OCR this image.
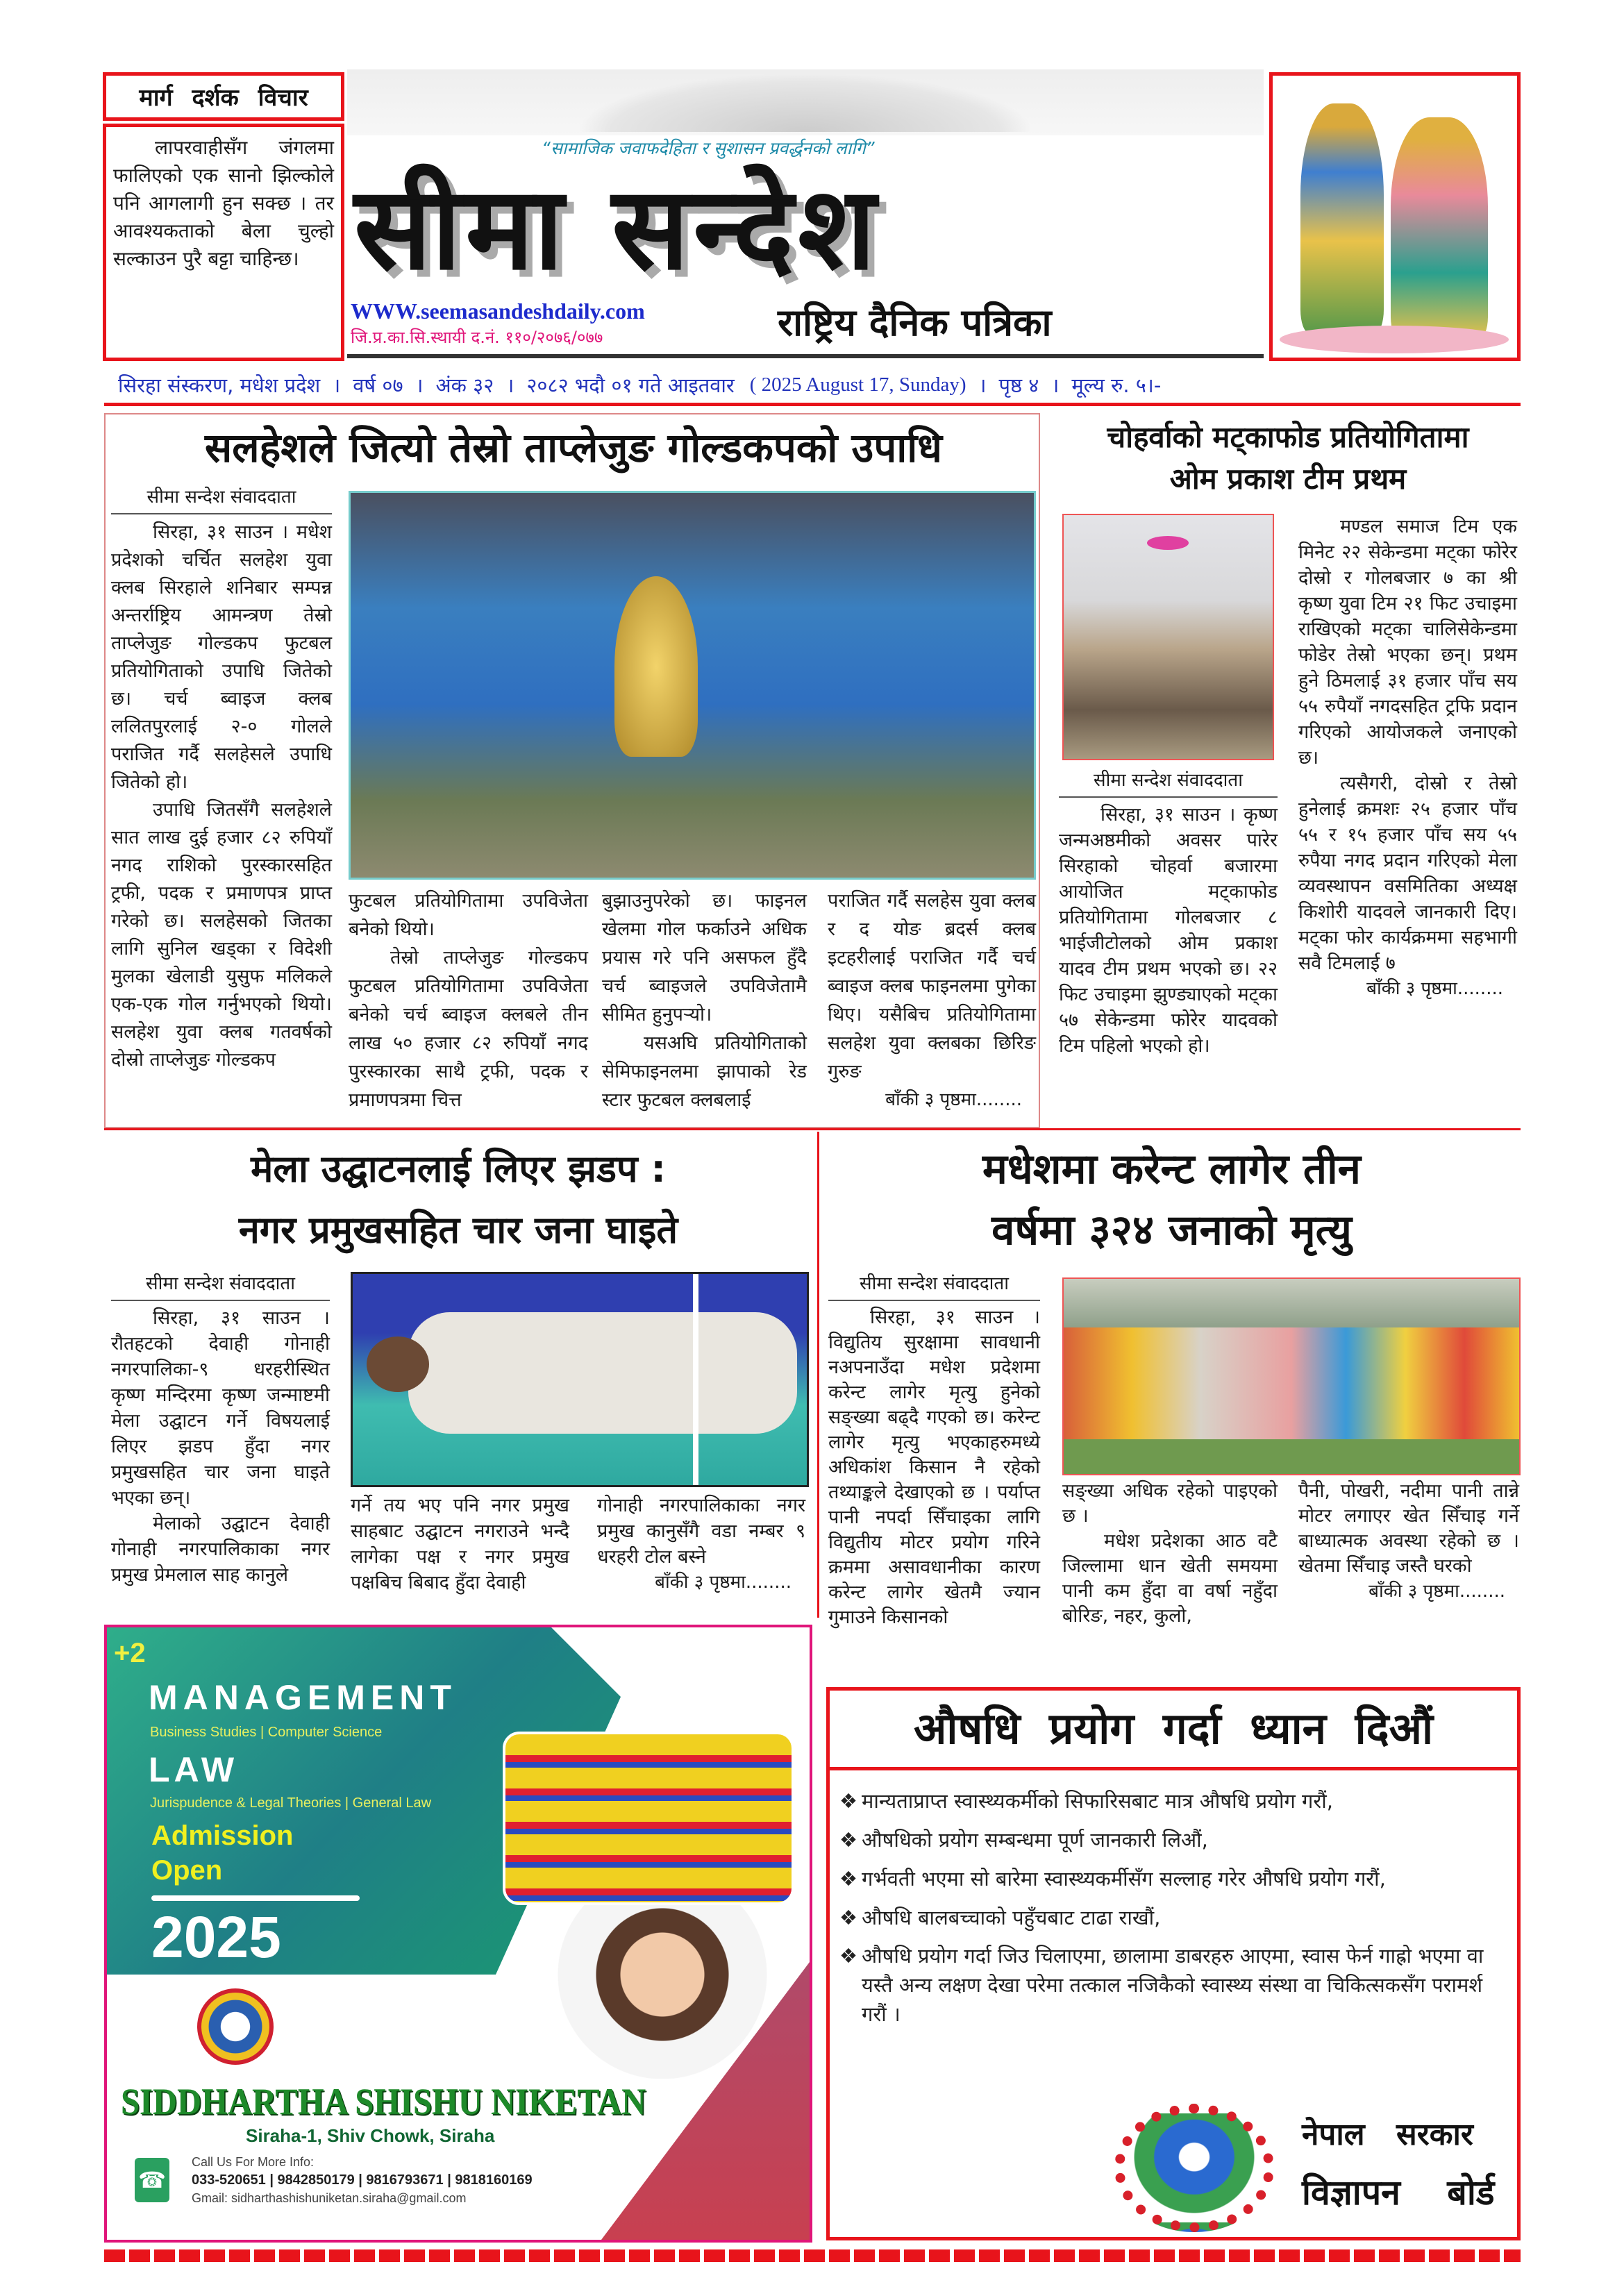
मार्ग दर्शक विचार

लापरवाहीसँग जंगलमा फालिएको एक सानो झिल्कोले पनि आगलागी हुन सक्छ । तर आवश्यकताको बेला चुल्हो सल्काउन पुरै बट्टा चाहिन्छ।

“सामाजिक जवाफदेहिता र सुशासन प्रवर्द्धनको लागि”
सीमा सन्देश
WWW.seemasandeshdaily.com
जि.प्र.का.सि.स्थायी द.नं. ११०/२०७६/०७७	राष्ट्रिय दैनिक पत्रिका
सिरहा संस्करण, मधेश प्रदेश । वर्ष ०७ । अंक ३२ । २०८२ भदौ ०१ गते आइतवार ( 2025 August 17, Sunday) । पृष्ठ ४ । मूल्य रु. ५।-
सलहेशले जित्यो तेस्रो ताप्लेजुङ गोल्डकपको उपाधि
सीमा सन्देश संवाददाता

सिरहा, ३१ साउन । मधेश प्रदेशको चर्चित सलहेश युवा क्लब सिरहाले शनिबार सम्पन्न अन्तर्राष्ट्रिय आमन्त्रण तेस्रो ताप्लेजुङ गोल्डकप फुटबल प्रतियोगिताको उपाधि जितेको छ। चर्च ब्वाइज क्लब ललितपुरलाई २-० गोलले पराजित गर्दै सलहेसले उपाधि जितेको हो।

उपाधि जितसँगै सलहेशले सात लाख दुई हजार ८२ रुपियाँ नगद राशिको पुरस्कारसहित ट्रफी, पदक र प्रमाणपत्र प्राप्त गरेको छ। सलहेसको जितका लागि सुनिल खड्का र विदेशी मुलका खेलाडी युसुफ मलिकले एक-एक गोल गर्नुभएको थियो। सलहेश युवा क्लब गतवर्षको दोस्रो ताप्लेजुङ गोल्डकप

फुटबल प्रतियोगितामा उपविजेता बनेको थियो।

तेस्रो ताप्लेजुङ गोल्डकप फुटबल प्रतियोगितामा उपविजेता बनेको चर्च ब्वाइज क्लबले तीन लाख ५० हजार ८२ रुपियाँ नगद पुरस्कारका साथै ट्रफी, पदक र प्रमाणपत्रमा चित्त

बुझाउनुपरेको छ। फाइनल खेलमा गोल फर्काउने अधिक प्रयास गरे पनि असफल हुँदै चर्च ब्वाइजले उपविजेतामै सीमित हुनुपर्‍यो।

यसअघि प्रतियोगिताको सेमिफाइनलमा झापाको रेड स्टार फुटबल क्लबलाई

पराजित गर्दै सलहेस युवा क्लब र द योङ ब्रदर्स क्लब इटहरीलाई पराजित गर्दै चर्च ब्वाइज क्लब फाइनलमा पुगेका थिए। यसैबिच प्रतियोगितामा सलहेश युवा क्लबका छिरिङ गुरुङ

बाँकी ३ पृष्ठमा........

चोहर्वाको मट्काफोड प्रतियोगितामा
ओम प्रकाश टीम प्रथम
सीमा सन्देश संवाददाता

सिरहा, ३१ साउन । कृष्ण जन्मअष्ठमीको अवसर पारेर सिरहाको चोहर्वा बजारमा आयोजित मट्काफोड प्रतियोगितामा गोलबजार ८ भाईजीटोलको ओम प्रकाश यादव टीम प्रथम भएको छ। २२ फिट उचाइमा झुण्ड्याएको मट्का ५७ सेकेन्डमा फोरेर यादवको टिम पहिलो भएको हो।

मण्डल समाज टिम एक मिनेट २२ सेकेन्डमा मट्का फोरेर दोस्रो र गोलबजार ७ का श्री कृष्ण युवा टिम २१ फिट उचाइमा राखिएको मट्का चालिसेकेन्डमा फोडेर तेस्रो भएका छन्। प्रथम हुने ठिमलाई ३१ हजार पाँच सय ५५ रुपैयाँ नगदसहित ट्रफि प्रदान गरिएको आयोजकले जनाएको छ।

त्यसैगरी, दोस्रो र तेस्रो हुनेलाई क्रमशः २५ हजार पाँच ५५ र १५ हजार पाँच सय ५५ रुपैया नगद प्रदान गरिएको मेला व्यवस्थापन वसमितिका अध्यक्ष किशोरी यादवले जानकारी दिए। मट्का फोर कार्यक्रममा सहभागी सवै टिमलाई ७

बाँकी ३ पृष्ठमा........

मेला उद्घाटनलाई लिएर झडप :
नगर प्रमुखसहित चार जना घाइते
सीमा सन्देश संवाददाता

सिरहा, ३१ साउन । रौतहटको देवाही गोनाही नगरपालिका-९ धरहरीस्थित कृष्ण मन्दिरमा कृष्ण जन्माष्टमी मेला उद्घाटन गर्ने विषयलाई लिएर झडप हुँदा नगर प्रमुखसहित चार जना घाइते भएका छन्।

मेलाको उद्घाटन देवाही गोनाही नगरपालिकाका नगर प्रमुख प्रेमलाल साह कानुले

गर्ने तय भए पनि नगर प्रमुख साहबाट उद्घाटन नगराउने भन्दै लागेका पक्ष र नगर प्रमुख पक्षबिच बिबाद हुँदा देवाही

गोनाही नगरपालिकाका नगर प्रमुख कानुसँगै वडा नम्बर ९ धरहरी टोल बस्ने

बाँकी ३ पृष्ठमा........

मधेशमा करेन्ट लागेर तीन
वर्षमा ३२४ जनाको मृत्यु
सीमा सन्देश संवाददाता

सिरहा, ३१ साउन । विद्युतिय सुरक्षामा सावधानी नअपनाउँदा मधेश प्रदेशमा करेन्ट लागेर मृत्यु हुनेको सङ्ख्या बढ्दै गएको छ। करेन्ट लागेर मृत्यु भएकाहरुमध्ये अधिकांश किसान नै रहेको तथ्याङ्कले देखाएको छ । पर्याप्त पानी नपर्दा सिँचाइका लागि विद्युतीय मोटर प्रयोग गरिने क्रममा असावधानीका कारण करेन्ट लागेर खेतमै ज्यान गुमाउने किसानको

सङ्ख्या अधिक रहेको पाइएको छ ।

मधेश प्रदेशका आठ वटै जिल्लामा धान खेती समयमा पानी कम हुँदा वा वर्षा नहुँदा बोरिङ, नहर, कुलो,

पैनी, पोखरी, नदीमा पानी तान्ने मोटर लगाएर खेत सिँचाइ गर्ने बाध्यात्मक अवस्था रहेको छ । खेतमा सिँचाइ जस्तै घरको

बाँकी ३ पृष्ठमा........

+2
MANAGEMENT
Business Studies | Computer Science
LAW
Jurispudence & Legal Theories | General Law
Admission
Open
2025
SIDDHARTHA SHISHU NIKETAN
Siraha-1, Shiv Chowk, Siraha
☎
Call Us For More Info:
033-520651 | 9842850179 | 9816793671 | 9818160169
Gmail: sidharthashishuniketan.siraha@gmail.com
औषधि प्रयोग गर्दा ध्यान दिऔं
❖ मान्यताप्राप्त स्वास्थ्यकर्मीको सिफारिसबाट मात्र औषधि प्रयोग गरौं,
❖ औषधिको प्रयोग सम्बन्धमा पूर्ण जानकारी लिऔं,
❖ गर्भवती भएमा सो बारेमा स्वास्थ्यकर्मीसँग सल्लाह गरेर औषधि प्रयोग गरौं,
❖ औषधि बालबच्चाको पहुँचबाट टाढा राखौं,
❖ औषधि प्रयोग गर्दा जिउ चिलाएमा, छालामा डाबरहरु आएमा, स्वास फेर्न गाह्रो भएमा वा यस्तै अन्य लक्षण देखा परेमा तत्काल नजिकैको स्वास्थ्य संस्था वा चिकित्सकसँग परामर्श गरौं ।
नेपाल सरकार
विज्ञापन बोर्ड
